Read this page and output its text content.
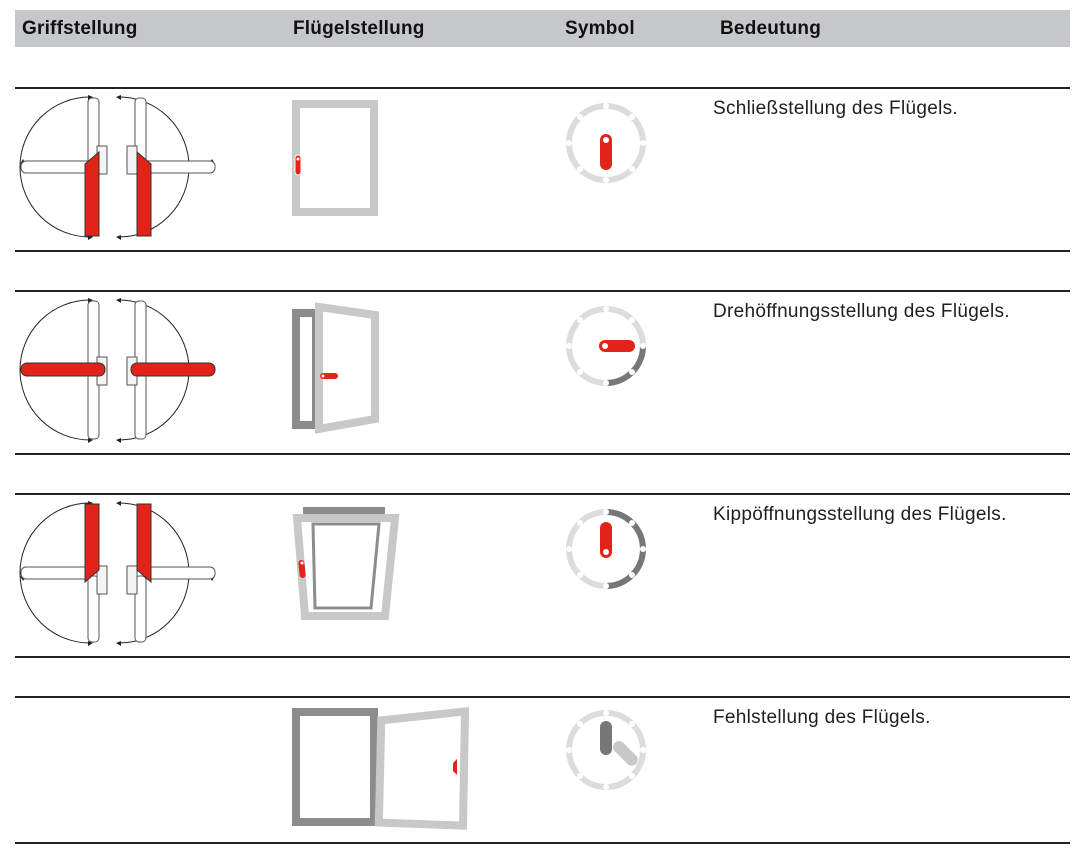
Griffstellung	Flügelstellung	Symbol	Bedeutung
Schließstellung des Flügels.
Drehöffnungsstellung des Flügels.
Kippöffnungsstellung des Flügels.
Fehlstellung des Flügels.
